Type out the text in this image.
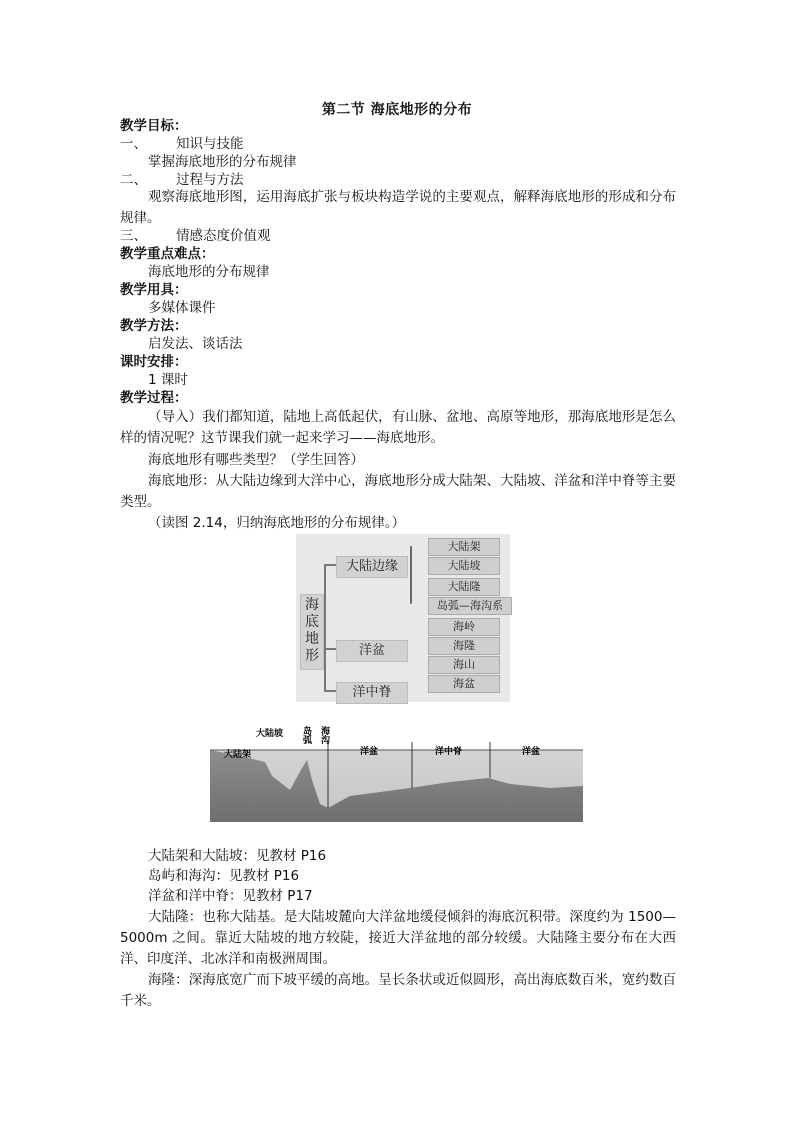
第二节 海底地形的分布
教学目标：
一、 知识与技能
掌握海底地形的分布规律
二、 过程与方法
观察海底地形图，运用海底扩张与板块构造学说的主要观点，解释海底地形的形成和分布规律。
三、 情感态度价值观
教学重点难点：
海底地形的分布规律
教学用具：
多媒体课件
教学方法：
启发法、谈话法
课时安排：
1 课时
教学过程：
（导入）我们都知道，陆地上高低起伏，有山脉、盆地、高原等地形，那海底地形是怎么样的情况呢？这节课我们就一起来学习——海底地形。
海底地形有哪些类型？（学生回答）
海底地形：从大陆边缘到大洋中心，海底地形分成大陆架、大陆坡、洋盆和洋中脊等主要类型。
（读图 2.14，归纳海底地形的分布规律。）
海底地形
大陆边缘
洋盆
洋中脊
大陆架
大陆坡
大陆隆
岛弧—海沟系
海岭
海隆
海山
海盆
大陆架
大陆坡 岛弧 海沟
洋盆	洋中脊	洋盆
大陆架和大陆坡：见教材 P16
岛屿和海沟：见教材 P16
洋盆和洋中脊：见教材 P17
大陆隆：也称大陆基。是大陆坡麓向大洋盆地缓侵倾斜的海底沉积带。深度约为 1500—5000m 之间。靠近大陆坡的地方较陡，接近大洋盆地的部分较缓。大陆隆主要分布在大西洋、印度洋、北冰洋和南极洲周围。
海隆：深海底宽广而下坡平缓的高地。呈长条状或近似圆形，高出海底数百米，宽约数百千米。
